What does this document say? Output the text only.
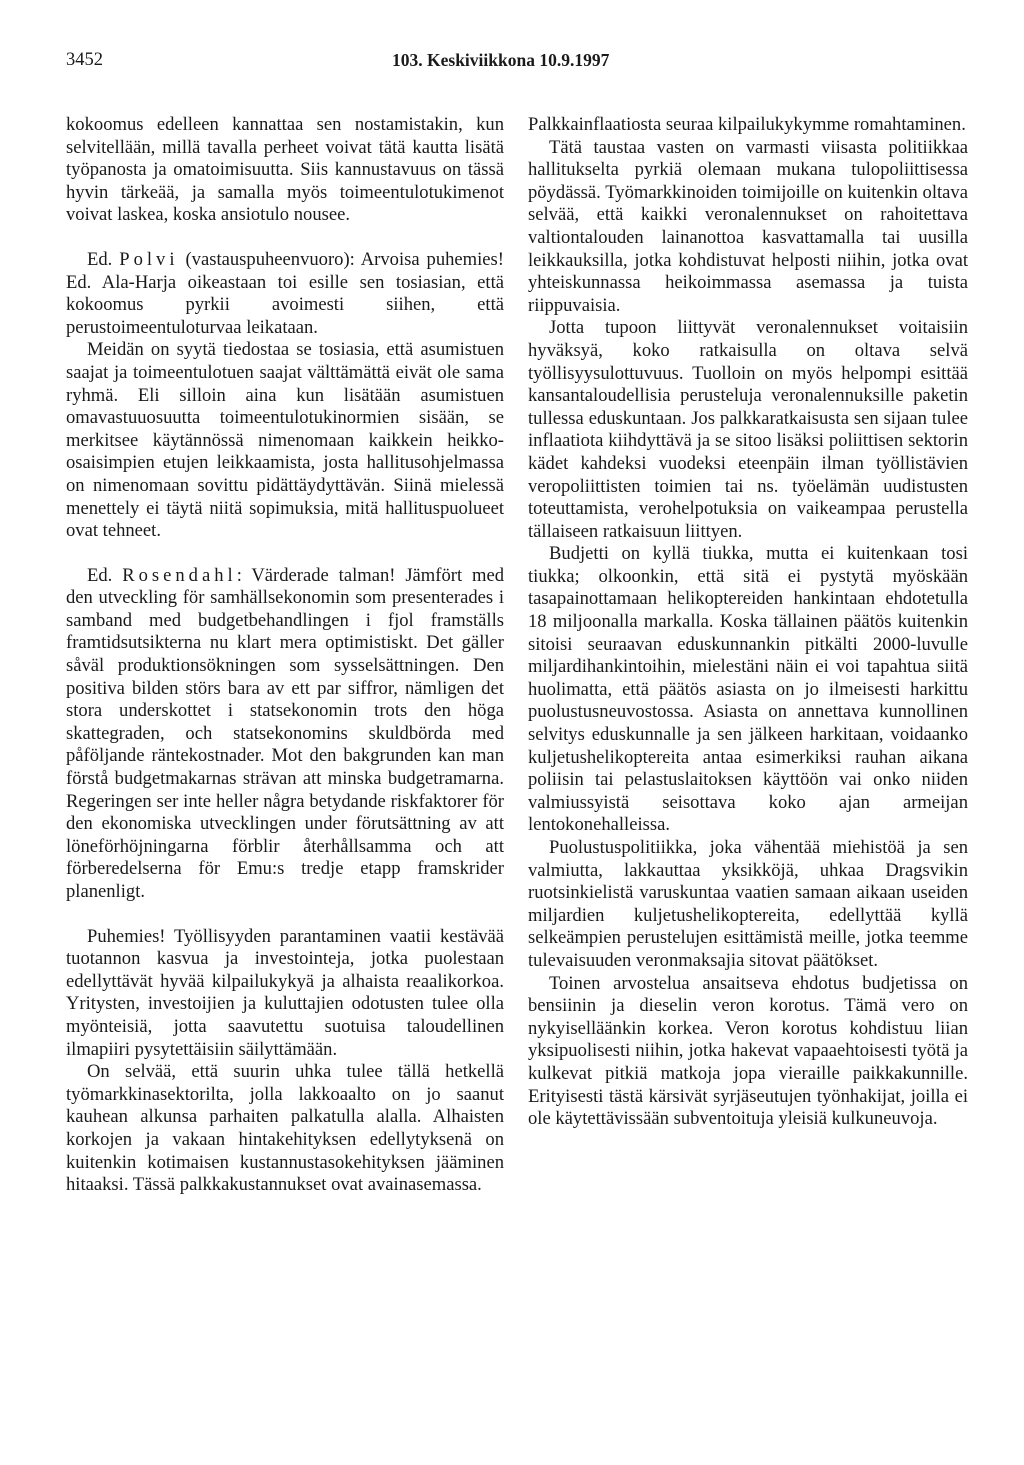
3452	103. Keskiviikkona 10.9.1997

kokoomus edelleen kannattaa sen nostamistakin, kun selvitellään, millä tavalla perheet voivat tätä kautta lisätä työpanosta ja omatoimisuutta. Siis kannustavuus on tässä hyvin tärkeää, ja samalla myös toimeentulotukimenot voivat laskea, koska ansiotulo nousee.

Ed. Polvi (vastauspuheenvuoro): Arvoisa puhemies! Ed. Ala-Harja oikeastaan toi esille sen tosiasian, että kokoomus pyrkii avoimesti siihen, että perustoimeentuloturvaa leikataan.

Meidän on syytä tiedostaa se tosiasia, että asumistuen saajat ja toimeentulotuen saajat välttämättä eivät ole sama ryhmä. Eli silloin aina kun lisätään asumistuen omavastuuosuutta toimeentulotukinormien sisään, se merkitsee käytännössä nimenomaan kaikkein heikko-osaisimpien etujen leikkaamista, josta hallitusohjelmassa on nimenomaan sovittu pidättäydyttävän. Siinä mielessä menettely ei täytä niitä sopimuksia, mitä hallituspuolueet ovat tehneet.

Ed. Rosendahl: Värderade talman! Jämfört med den utveckling för samhällsekonomin som presenterades i samband med budgetbehandlingen i fjol framställs framtidsutsikterna nu klart mera optimistiskt. Det gäller såväl produktionsökningen som sysselsättningen. Den positiva bilden störs bara av ett par siffror, nämligen det stora underskottet i statsekonomin trots den höga skattegraden, och statsekonomins skuldbörda med påföljande räntekostnader. Mot den bakgrunden kan man förstå budgetmakarnas strävan att minska budgetramarna. Regeringen ser inte heller några betydande riskfaktorer för den ekonomiska utvecklingen under förutsättning av att löneförhöjningarna förblir återhållsamma och att förberedelserna för Emu:s tredje etapp framskrider planenligt.

Puhemies! Työllisyyden parantaminen vaatii kestävää tuotannon kasvua ja investointeja, jotka puolestaan edellyttävät hyvää kilpailukykyä ja alhaista reaalikorkoa. Yritysten, investoijien ja kuluttajien odotusten tulee olla myönteisiä, jotta saavutettu suotuisa taloudellinen ilmapiiri pysytettäisiin säilyttämään.

On selvää, että suurin uhka tulee tällä hetkellä työmarkkinasektorilta, jolla lakkoaalto on jo saanut kauhean alkunsa parhaiten palkatulla alalla. Alhaisten korkojen ja vakaan hintakehityksen edellytyksenä on kuitenkin kotimaisen kustannustasokehityksen jääminen hitaaksi. Tässä palkkakustannukset ovat avainasemassa.

Palkkainflaatiosta seuraa kilpailukykymme romahtaminen.

Tätä taustaa vasten on varmasti viisasta politiikkaa hallitukselta pyrkiä olemaan mukana tulopoliittisessa pöydässä. Työmarkkinoiden toimijoille on kuitenkin oltava selvää, että kaikki veronalennukset on rahoitettava valtiontalouden lainanottoa kasvattamalla tai uusilla leikkauksilla, jotka kohdistuvat helposti niihin, jotka ovat yhteiskunnassa heikoimmassa asemassa ja tuista riippuvaisia.

Jotta tupoon liittyvät veronalennukset voitaisiin hyväksyä, koko ratkaisulla on oltava selvä työllisyysulottuvuus. Tuolloin on myös helpompi esittää kansantaloudellisia perusteluja veronalennuksille paketin tullessa eduskuntaan. Jos palkkaratkaisusta sen sijaan tulee inflaatiota kiihdyttävä ja se sitoo lisäksi poliittisen sektorin kädet kahdeksi vuodeksi eteenpäin ilman työllistävien veropoliittisten toimien tai ns. työelämän uudistusten toteuttamista, verohelpotuksia on vaikeampaa perustella tällaiseen ratkaisuun liittyen.

Budjetti on kyllä tiukka, mutta ei kuitenkaan tosi tiukka; olkoonkin, että sitä ei pystytä myöskään tasapainottamaan helikoptereiden hankintaan ehdotetulla 18 miljoonalla markalla. Koska tällainen päätös kuitenkin sitoisi seuraavan eduskunnankin pitkälti 2000-luvulle miljardihankintoihin, mielestäni näin ei voi tapahtua siitä huolimatta, että päätös asiasta on jo ilmeisesti harkittu puolustusneuvostossa. Asiasta on annettava kunnollinen selvitys eduskunnalle ja sen jälkeen harkitaan, voidaanko kuljetushelikoptereita antaa esimerkiksi rauhan aikana poliisin tai pelastuslaitoksen käyttöön vai onko niiden valmiussyistä seisottava koko ajan armeijan lentokonehalleissa.

Puolustuspolitiikka, joka vähentää miehistöä ja sen valmiutta, lakkauttaa yksikköjä, uhkaa Dragsvikin ruotsinkielistä varuskuntaa vaatien samaan aikaan useiden miljardien kuljetushelikoptereita, edellyttää kyllä selkeämpien perustelujen esittämistä meille, jotka teemme tulevaisuuden veronmaksajia sitovat päätökset.

Toinen arvostelua ansaitseva ehdotus budjetissa on bensiinin ja dieselin veron korotus. Tämä vero on nykyiselläänkin korkea. Veron korotus kohdistuu liian yksipuolisesti niihin, jotka hakevat vapaaehtoisesti työtä ja kulkevat pitkiä matkoja jopa vieraille paikkakunnille. Erityisesti tästä kärsivät syrjäseutujen työnhakijat, joilla ei ole käytettävissään subventoituja yleisiä kulkuneuvoja.
